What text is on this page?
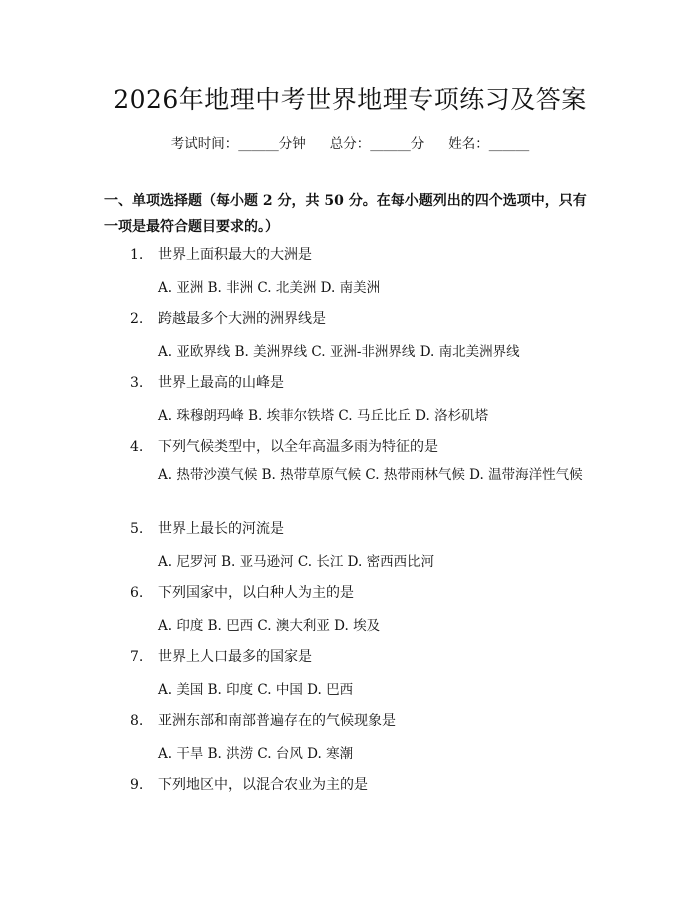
2026年地理中考世界地理专项练习及答案
考试时间：______分钟 总分：______分 姓名：______
一、单项选择题（每小题 2 分，共 50 分。在每小题列出的四个选项中，只有一项是最符合题目要求的。）
1. 世界上面积最大的大洲是
A. 亚洲 B. 非洲 C. 北美洲 D. 南美洲
2. 跨越最多个大洲的洲界线是
A. 亚欧界线 B. 美洲界线 C. 亚洲-非洲界线 D. 南北美洲界线
3. 世界上最高的山峰是
A. 珠穆朗玛峰 B. 埃菲尔铁塔 C. 马丘比丘 D. 洛杉矶塔
4. 下列气候类型中，以全年高温多雨为特征的是
A. 热带沙漠气候 B. 热带草原气候 C. 热带雨林气候 D. 温带海洋性气候
5. 世界上最长的河流是
A. 尼罗河 B. 亚马逊河 C. 长江 D. 密西西比河
6. 下列国家中，以白种人为主的是
A. 印度 B. 巴西 C. 澳大利亚 D. 埃及
7. 世界上人口最多的国家是
A. 美国 B. 印度 C. 中国 D. 巴西
8. 亚洲东部和南部普遍存在的气候现象是
A. 干旱 B. 洪涝 C. 台风 D. 寒潮
9. 下列地区中，以混合农业为主的是
